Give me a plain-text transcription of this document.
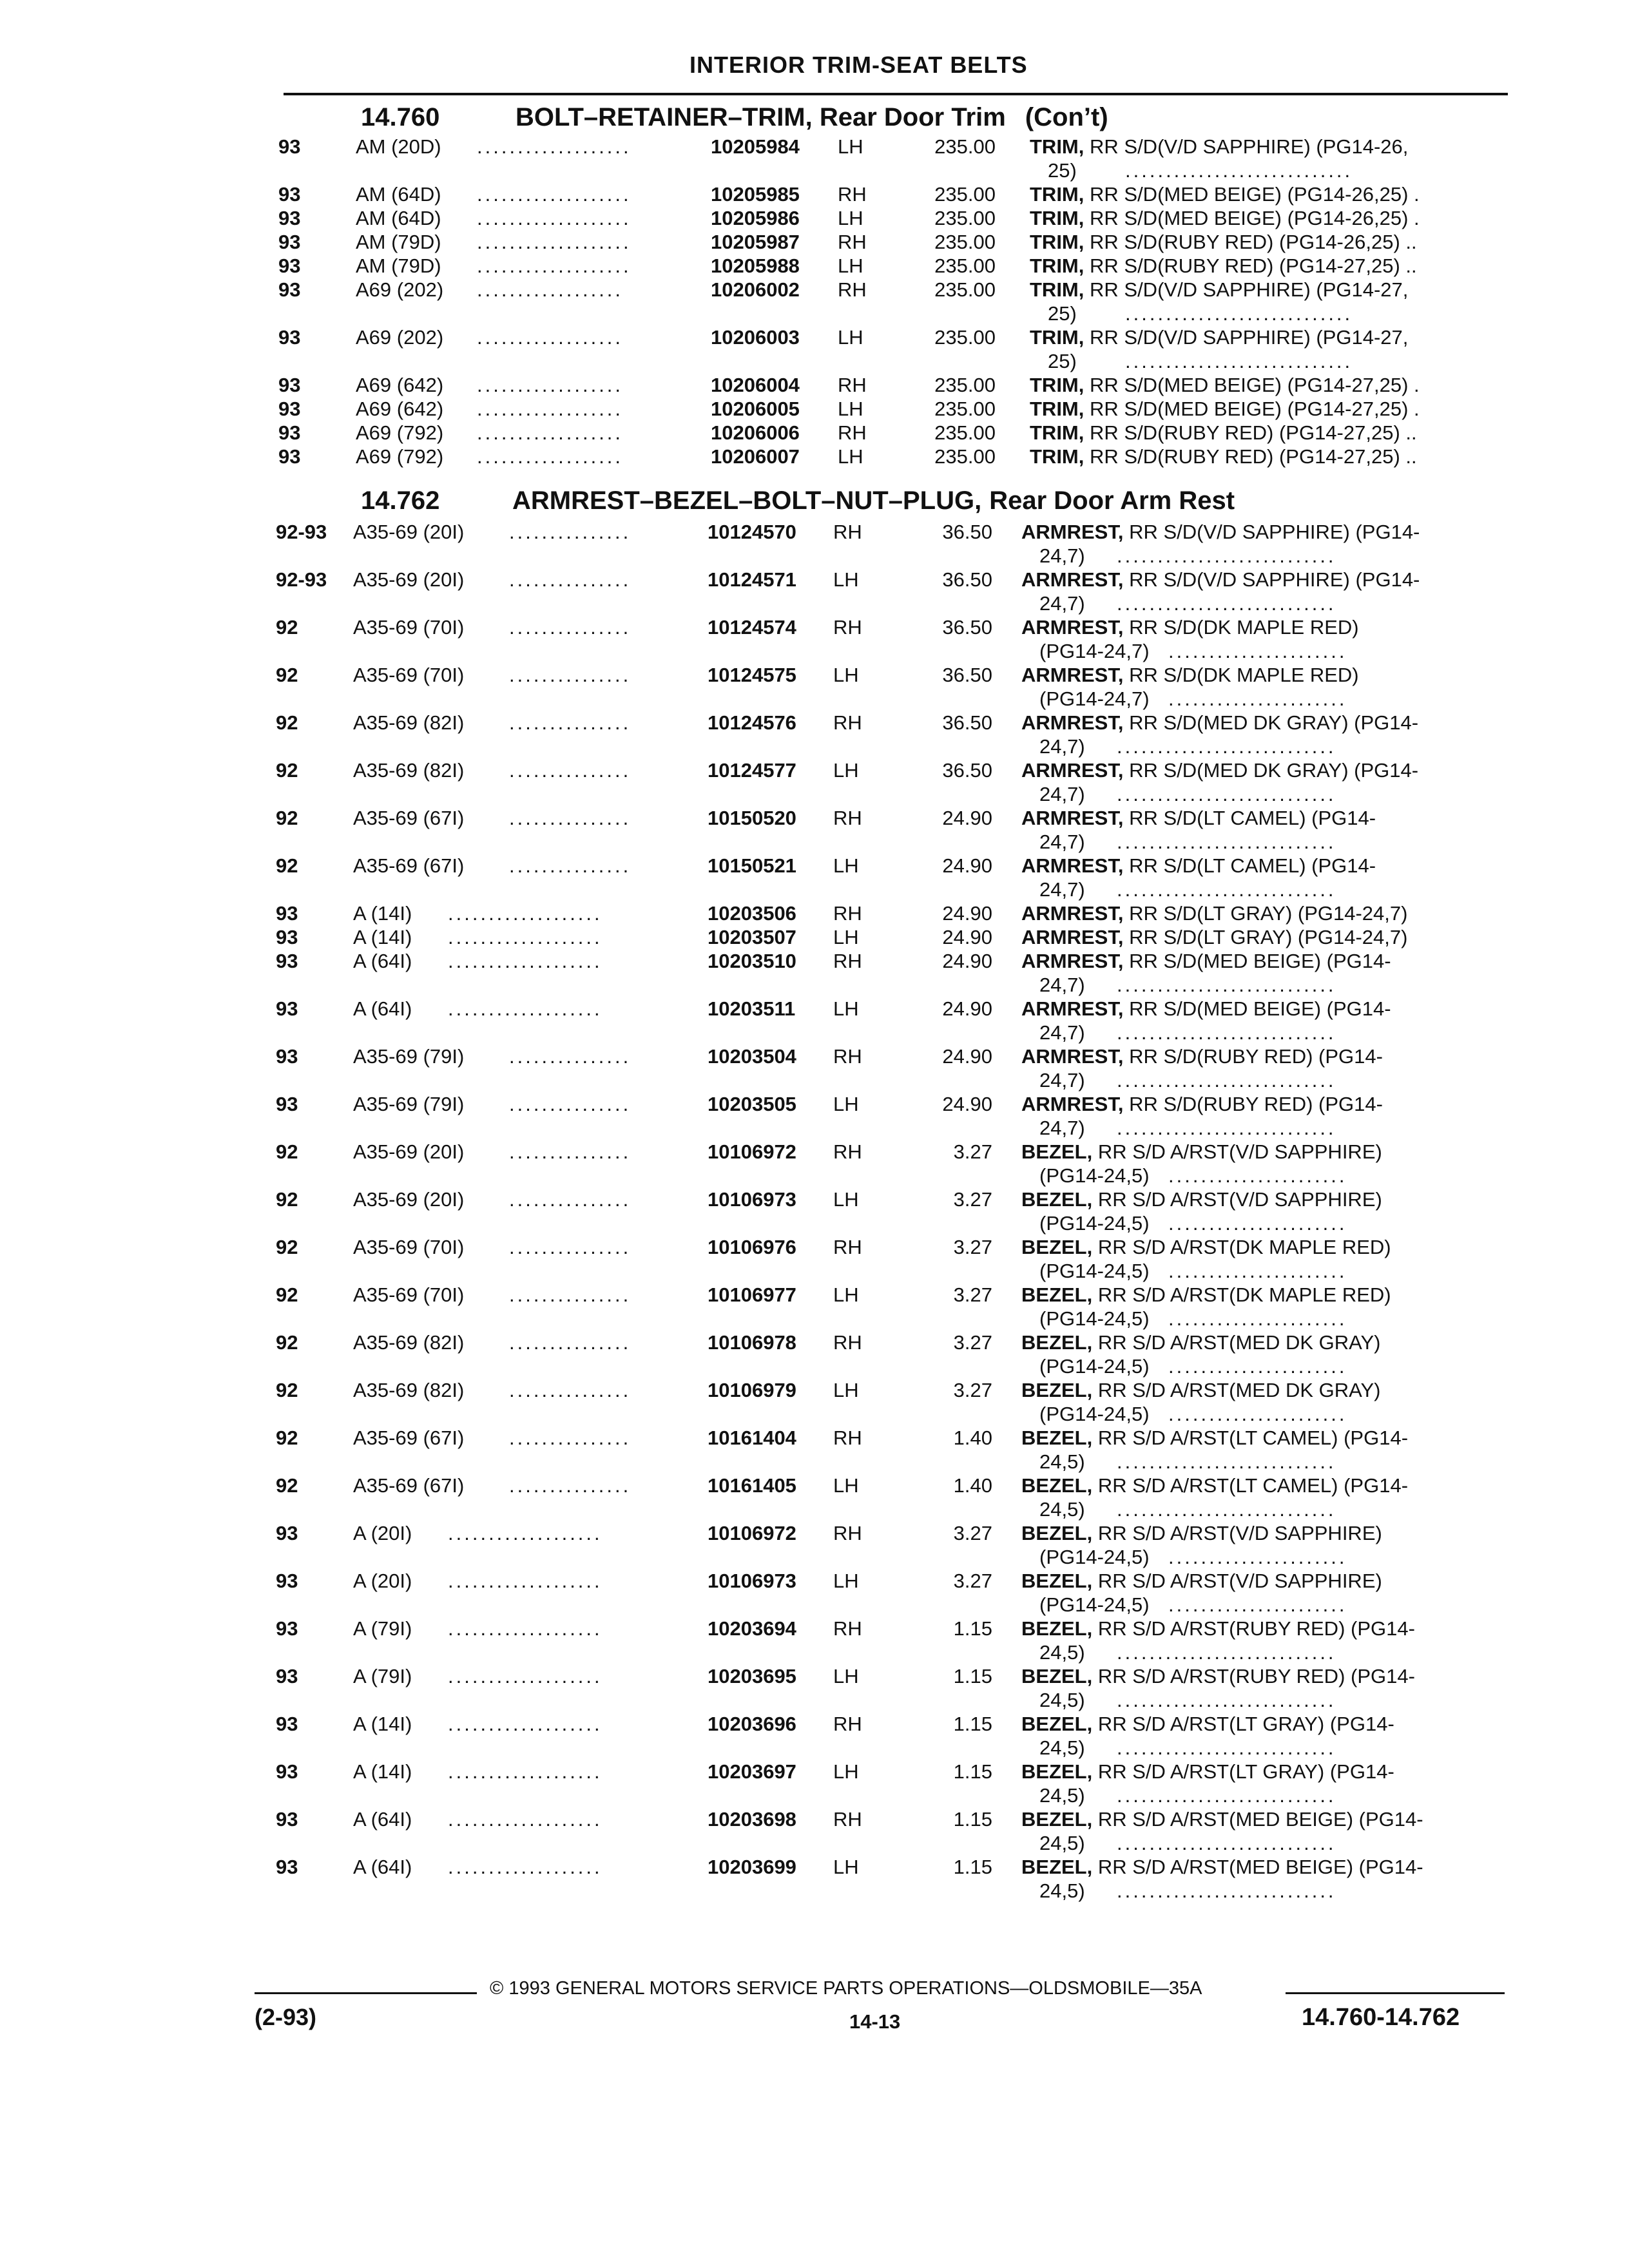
INTERIOR TRIM-SEAT BELTS
14.760	BOLT–RETAINER–TRIM, Rear Door Trim (Con’t)
93	AM (20D) ...................	10205984 LH	235.00 TRIM, RR S/D(V/D SAPPHIRE) (PG14-26,
25) ............................
93	AM (64D) ...................	10205985 RH	235.00 TRIM, RR S/D(MED BEIGE) (PG14-26,25) .
93	AM (64D) ...................	10205986 LH	235.00 TRIM, RR S/D(MED BEIGE) (PG14-26,25) .
93	AM (79D) ...................	10205987 RH	235.00 TRIM, RR S/D(RUBY RED) (PG14-26,25) ..
93	AM (79D) ...................	10205988 LH	235.00 TRIM, RR S/D(RUBY RED) (PG14-27,25) ..
93	A69 (202) ..................	10206002 RH	235.00 TRIM, RR S/D(V/D SAPPHIRE) (PG14-27,
25) ............................
93	A69 (202) ..................	10206003 LH	235.00 TRIM, RR S/D(V/D SAPPHIRE) (PG14-27,
25) ............................
93	A69 (642) ..................	10206004 RH	235.00 TRIM, RR S/D(MED BEIGE) (PG14-27,25) .
93	A69 (642) ..................	10206005 LH	235.00 TRIM, RR S/D(MED BEIGE) (PG14-27,25) .
93	A69 (792) ..................	10206006 RH	235.00 TRIM, RR S/D(RUBY RED) (PG14-27,25) ..
93	A69 (792) ..................	10206007 LH	235.00 TRIM, RR S/D(RUBY RED) (PG14-27,25) ..
14.762	ARMREST–BEZEL–BOLT–NUT–PLUG, Rear Door Arm Rest
92-93 A35-69 (20I) ...............	10124570 RH	36.50 ARMREST, RR S/D(V/D SAPPHIRE) (PG14-
24,7) ...........................
92-93 A35-69 (20I) ...............	10124571 LH	36.50 ARMREST, RR S/D(V/D SAPPHIRE) (PG14-
24,7) ...........................
92	A35-69 (70I) ...............	10124574 RH	36.50 ARMREST, RR S/D(DK MAPLE RED)
(PG14-24,7) ......................
92	A35-69 (70I) ...............	10124575 LH	36.50 ARMREST, RR S/D(DK MAPLE RED)
(PG14-24,7) ......................
92	A35-69 (82I) ...............	10124576 RH	36.50 ARMREST, RR S/D(MED DK GRAY) (PG14-
24,7) ...........................
92	A35-69 (82I) ...............	10124577 LH	36.50 ARMREST, RR S/D(MED DK GRAY) (PG14-
24,7) ...........................
92	A35-69 (67I) ...............	10150520 RH	24.90 ARMREST, RR S/D(LT CAMEL) (PG14-
24,7) ...........................
92	A35-69 (67I) ...............	10150521 LH	24.90 ARMREST, RR S/D(LT CAMEL) (PG14-
24,7) ...........................
93	A (14I) ...................	10203506 RH	24.90 ARMREST, RR S/D(LT GRAY) (PG14-24,7)
93	A (14I) ...................	10203507 LH	24.90 ARMREST, RR S/D(LT GRAY) (PG14-24,7)
93	A (64I) ...................	10203510 RH	24.90 ARMREST, RR S/D(MED BEIGE) (PG14-
24,7) ...........................
93	A (64I) ...................	10203511 LH	24.90 ARMREST, RR S/D(MED BEIGE) (PG14-
24,7) ...........................
93	A35-69 (79I) ...............	10203504 RH	24.90 ARMREST, RR S/D(RUBY RED) (PG14-
24,7) ...........................
93	A35-69 (79I) ...............	10203505 LH	24.90 ARMREST, RR S/D(RUBY RED) (PG14-
24,7) ...........................
92	A35-69 (20I) ...............	10106972 RH	3.27 BEZEL, RR S/D A/RST(V/D SAPPHIRE)
(PG14-24,5) ......................
92	A35-69 (20I) ...............	10106973 LH	3.27 BEZEL, RR S/D A/RST(V/D SAPPHIRE)
(PG14-24,5) ......................
92	A35-69 (70I) ...............	10106976 RH	3.27 BEZEL, RR S/D A/RST(DK MAPLE RED)
(PG14-24,5) ......................
92	A35-69 (70I) ...............	10106977 LH	3.27 BEZEL, RR S/D A/RST(DK MAPLE RED)
(PG14-24,5) ......................
92	A35-69 (82I) ...............	10106978 RH	3.27 BEZEL, RR S/D A/RST(MED DK GRAY)
(PG14-24,5) ......................
92	A35-69 (82I) ...............	10106979 LH	3.27 BEZEL, RR S/D A/RST(MED DK GRAY)
(PG14-24,5) ......................
92	A35-69 (67I) ...............	10161404 RH	1.40 BEZEL, RR S/D A/RST(LT CAMEL) (PG14-
24,5) ...........................
92	A35-69 (67I) ...............	10161405 LH	1.40 BEZEL, RR S/D A/RST(LT CAMEL) (PG14-
24,5) ...........................
93	A (20I) ...................	10106972 RH	3.27 BEZEL, RR S/D A/RST(V/D SAPPHIRE)
(PG14-24,5) ......................
93	A (20I) ...................	10106973 LH	3.27 BEZEL, RR S/D A/RST(V/D SAPPHIRE)
(PG14-24,5) ......................
93	A (79I) ...................	10203694 RH	1.15 BEZEL, RR S/D A/RST(RUBY RED) (PG14-
24,5) ...........................
93	A (79I) ...................	10203695 LH	1.15 BEZEL, RR S/D A/RST(RUBY RED) (PG14-
24,5) ...........................
93	A (14I) ...................	10203696 RH	1.15 BEZEL, RR S/D A/RST(LT GRAY) (PG14-
24,5) ...........................
93	A (14I) ...................	10203697 LH	1.15 BEZEL, RR S/D A/RST(LT GRAY) (PG14-
24,5) ...........................
93	A (64I) ...................	10203698 RH	1.15 BEZEL, RR S/D A/RST(MED BEIGE) (PG14-
24,5) ...........................
93	A (64I) ...................	10203699 LH	1.15 BEZEL, RR S/D A/RST(MED BEIGE) (PG14-
24,5) ...........................
© 1993 GENERAL MOTORS SERVICE PARTS OPERATIONS—OLDSMOBILE—35A
(2-93)	14-13	14.760-14.762
